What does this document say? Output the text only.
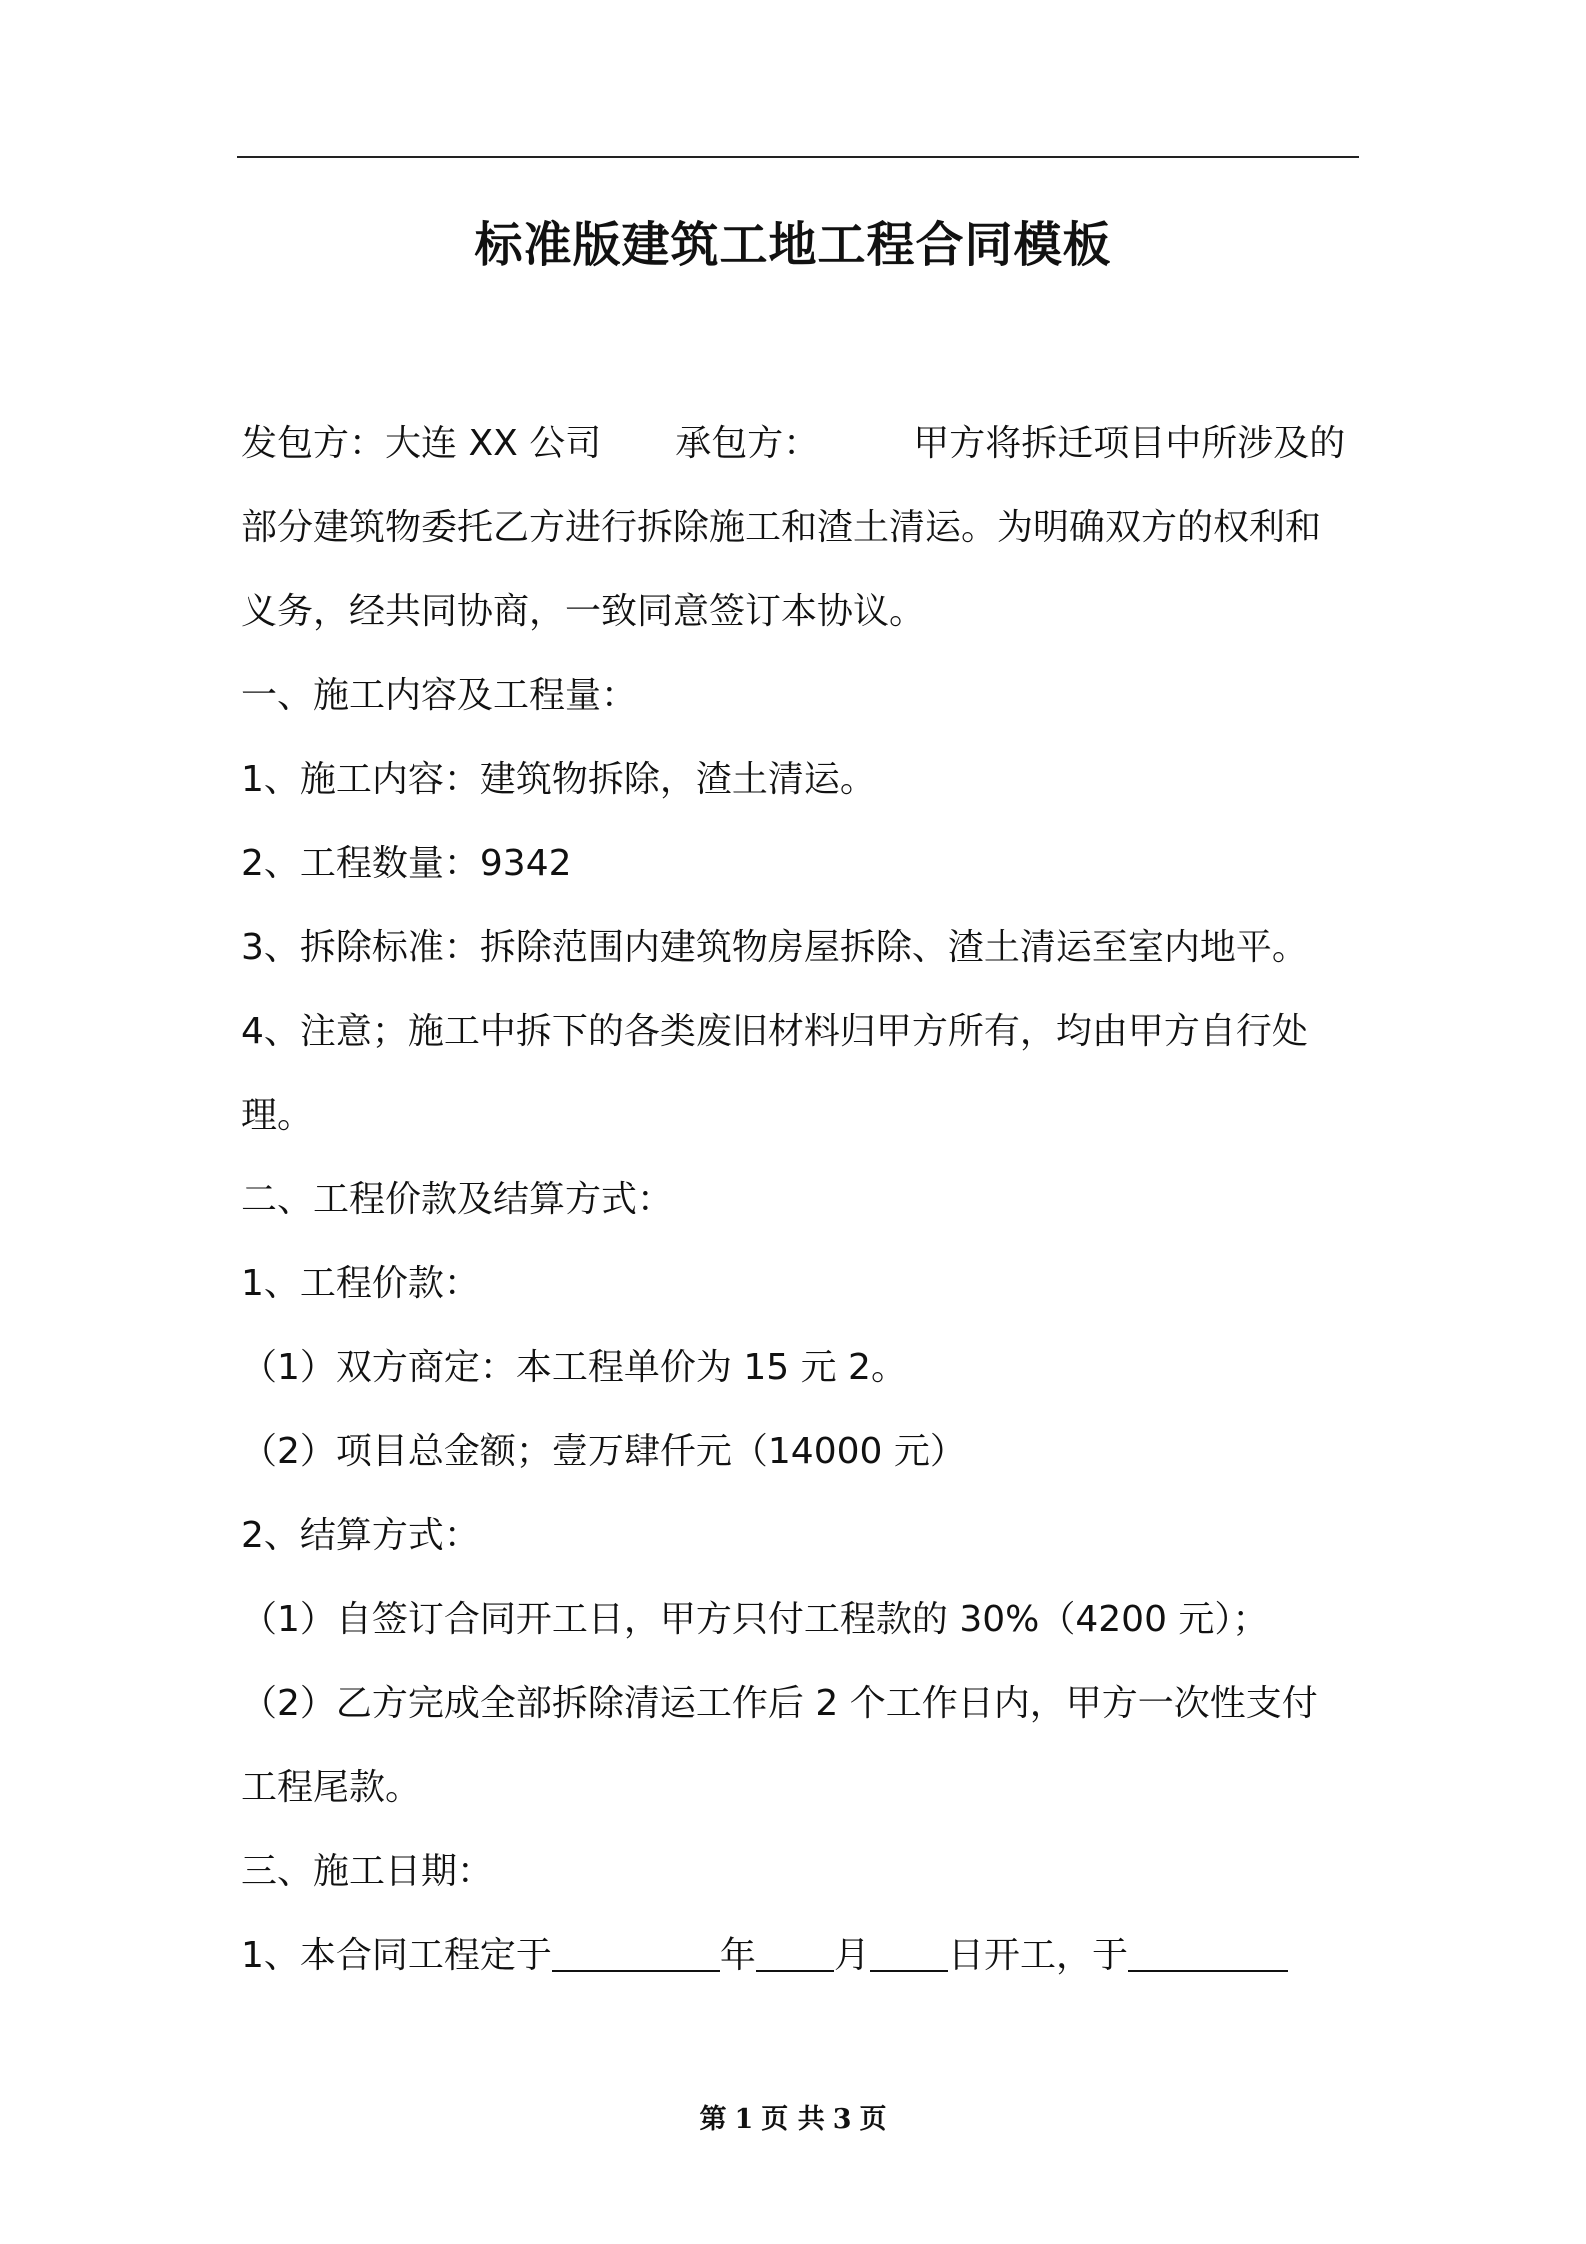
标准版建筑工地工程合同模板
发包方：大连 XX 公司 承包方：	甲方将拆迁项目中所涉及的
部分建筑物委托乙方进行拆除施工和渣土清运。为明确双方的权利和
义务，经共同协商，一致同意签订本协议。
一、施工内容及工程量：
1、施工内容：建筑物拆除，渣土清运。
2、工程数量：9342
3、拆除标准：拆除范围内建筑物房屋拆除、渣土清运至室内地平。
4、注意；施工中拆下的各类废旧材料归甲方所有，均由甲方自行处
理。
二、工程价款及结算方式：
1、工程价款：
（1）双方商定：本工程单价为 15 元 2。
（2）项目总金额；壹万肆仟元（14000 元）
2、结算方式：
（1）自签订合同开工日，甲方只付工程款的 30%（4200 元）；
（2）乙方完成全部拆除清运工作后 2 个工作日内，甲方一次性支付
工程尾款。
三、施工日期：
1、本合同工程定于	年 月 日开工，于
第 1 页 共 3 页
